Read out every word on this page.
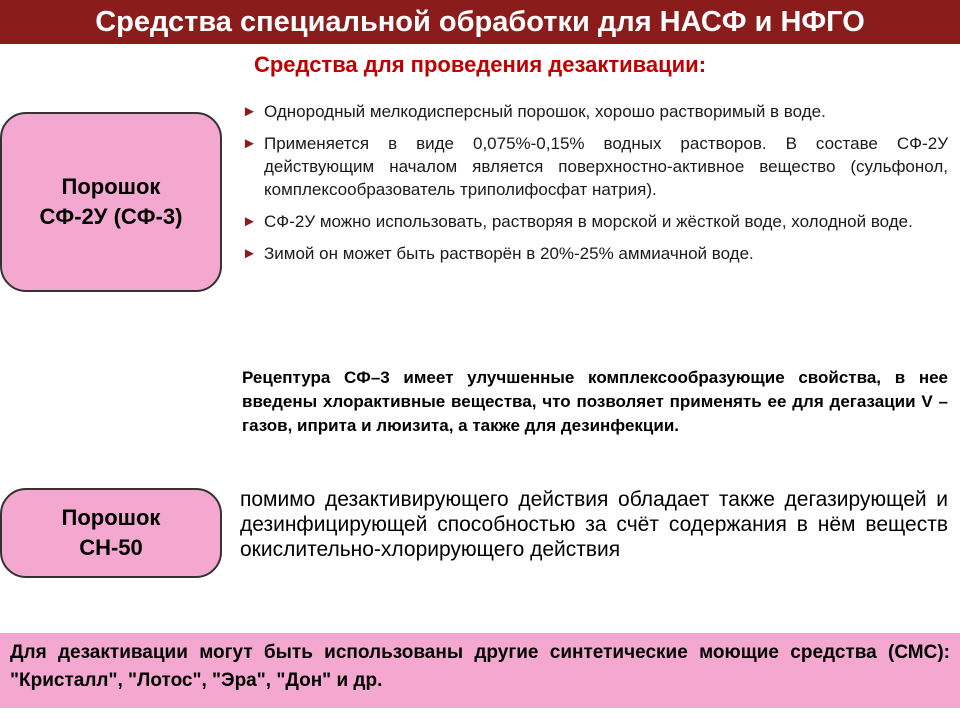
Средства специальной обработки для НАСФ и НФГО
Средства для проведения дезактивации:
Порошок
СФ-2У (СФ-3)
► Однородный мелкодисперсный порошок, хорошо растворимый в воде.
► Применяется в виде 0,075%-0,15% водных растворов. В составе СФ-2У действующим началом является поверхностно-активное вещество (сульфонол, комплексообразователь триполифосфат натрия).
► СФ-2У можно использовать, растворяя в морской и жёсткой воде, холодной воде.
► Зимой он может быть растворён в 20%-25% аммиачной воде.
Рецептура СФ–3 имеет улучшенные комплексообразующие свойства, в нее введены хлорактивные вещества, что позволяет применять ее для дегазации V – газов, иприта и люизита, а также для дезинфекции.
Порошок
СН-50
помимо дезактивирующего действия обладает также дегазирующей и дезинфицирующей способностью за счёт содержания в нём веществ окислительно-хлорирующего действия
Для дезактивации могут быть использованы другие синтетические моющие средства (СМС): "Кристалл", "Лотос", "Эра", "Дон" и др.
